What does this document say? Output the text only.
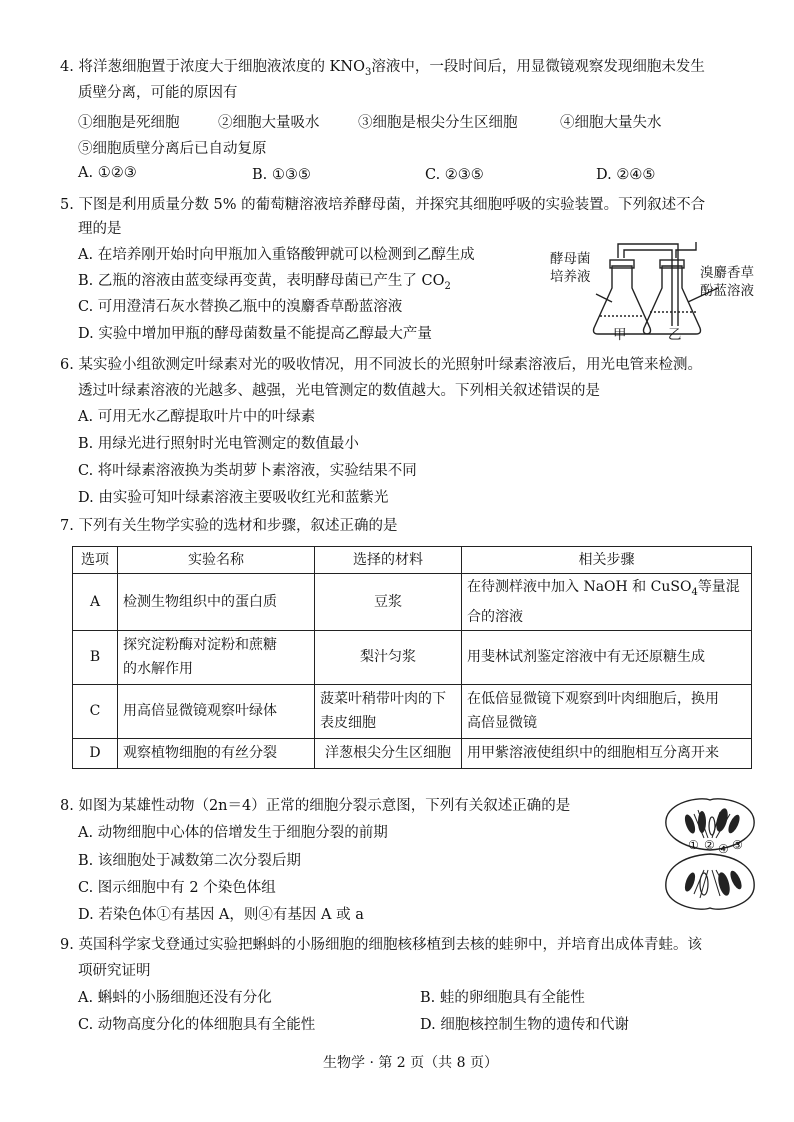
4. 将洋葱细胞置于浓度大于细胞液浓度的 $KNO_3$溶液中，一段时间后，用显微镜观察发现细胞未发生
质壁分离，可能的原因有
①细胞是死细胞	②细胞大量吸水	③细胞是根尖分生区细胞	④细胞大量失水
⑤细胞质壁分离后已自动复原
A. ①②③	B. ①③⑤	C. ②③⑤	D. ②④⑤
5. 下图是利用质量分数 5% 的葡萄糖溶液培养酵母菌，并探究其细胞呼吸的实验装置。下列叙述不合
理的是
A. 在培养刚开始时向甲瓶加入重铬酸钾就可以检测到乙醇生成
B. 乙瓶的溶液由蓝变绿再变黄，表明酵母菌已产生了 $CO_2$
C. 可用澄清石灰水替换乙瓶中的溴麝香草酚蓝溶液
D. 实验中增加甲瓶的酵母菌数量不能提高乙醇最大产量
酵母菌
培养液	溴麝香草
酚蓝溶液
甲	乙
6. 某实验小组欲测定叶绿素对光的吸收情况，用不同波长的光照射叶绿素溶液后，用光电管来检测。
透过叶绿素溶液的光越多、越强，光电管测定的数值越大。下列相关叙述错误的是
A. 可用无水乙醇提取叶片中的叶绿素
B. 用绿光进行照射时光电管测定的数值最小
C. 将叶绿素溶液换为类胡萝卜素溶液，实验结果不同
D. 由实验可知叶绿素溶液主要吸收红光和蓝紫光
7. 下列有关生物学实验的选材和步骤，叙述正确的是
选项	实验名称	选择的材料	相关步骤
A	检测生物组织中的蛋白质	豆浆	在待测样液中加入 NaOH 和 CuSO$_4$等量混
合的溶液
B	探究淀粉酶对淀粉和蔗糖
的水解作用	梨汁匀浆	用斐林试剂鉴定溶液中有无还原糖生成
C	用高倍显微镜观察叶绿体	菠菜叶稍带叶肉的下
表皮细胞	在低倍显微镜下观察到叶肉细胞后，换用
高倍显微镜
D	观察植物细胞的有丝分裂	洋葱根尖分生区细胞	用甲紫溶液使组织中的细胞相互分离开来
8. 如图为某雄性动物（2n＝4）正常的细胞分裂示意图，下列有关叙述正确的是
A. 动物细胞中心体的倍增发生于细胞分裂的前期
B. 该细胞处于减数第二次分裂后期
C. 图示细胞中有 2 个染色体组
D. 若染色体①有基因 A，则④有基因 A 或 a
① ② ④ ③
9. 英国科学家戈登通过实验把蝌蚪的小肠细胞的细胞核移植到去核的蛙卵中，并培育出成体青蛙。该
项研究证明
A. 蝌蚪的小肠细胞还没有分化	B. 蛙的卵细胞具有全能性
C. 动物高度分化的体细胞具有全能性	D. 细胞核控制生物的遗传和代谢
生物学 · 第 2 页（共 8 页）
